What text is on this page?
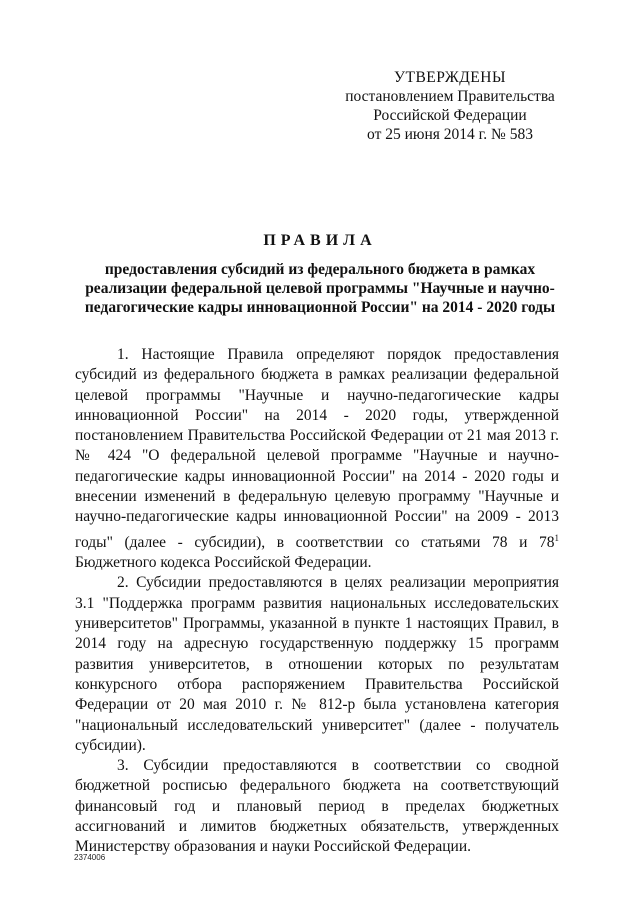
УТВЕРЖДЕНЫ
постановлением Правительства
Российской Федерации
от 25 июня 2014 г. № 583
ПРАВИЛА
предоставления субсидий из федерального бюджета в рамках реализации федеральной целевой программы "Научные и научно-педагогические кадры инновационной России" на 2014 - 2020 годы

1. Настоящие Правила определяют порядок предоставления субсидий из федерального бюджета в рамках реализации федеральной целевой программы "Научные и научно-педагогические кадры инновационной России" на 2014 - 2020 годы, утвержденной постановлением Правительства Российской Федерации от 21 мая 2013 г. № 424 "О федеральной целевой программе "Научные и научно-педагогические кадры инновационной России" на 2014 - 2020 годы и внесении изменений в федеральную целевую программу "Научные и научно-педагогические кадры инновационной России" на 2009 - 2013 годы" (далее - субсидии), в соответствии со статьями 78 и $78^1$ Бюджетного кодекса Российской Федерации.

2. Субсидии предоставляются в целях реализации мероприятия 3.1 "Поддержка программ развития национальных исследовательских университетов" Программы, указанной в пункте 1 настоящих Правил, в 2014 году на адресную государственную поддержку 15 программ развития университетов, в отношении которых по результатам конкурсного отбора распоряжением Правительства Российской Федерации от 20 мая 2010 г. № 812-р была установлена категория "национальный исследовательский университет" (далее - получатель субсидии).

3. Субсидии предоставляются в соответствии со сводной бюджетной росписью федерального бюджета на соответствующий финансовый год и плановый период в пределах бюджетных ассигнований и лимитов бюджетных обязательств, утвержденных Министерству образования и науки Российской Федерации.

2374006
